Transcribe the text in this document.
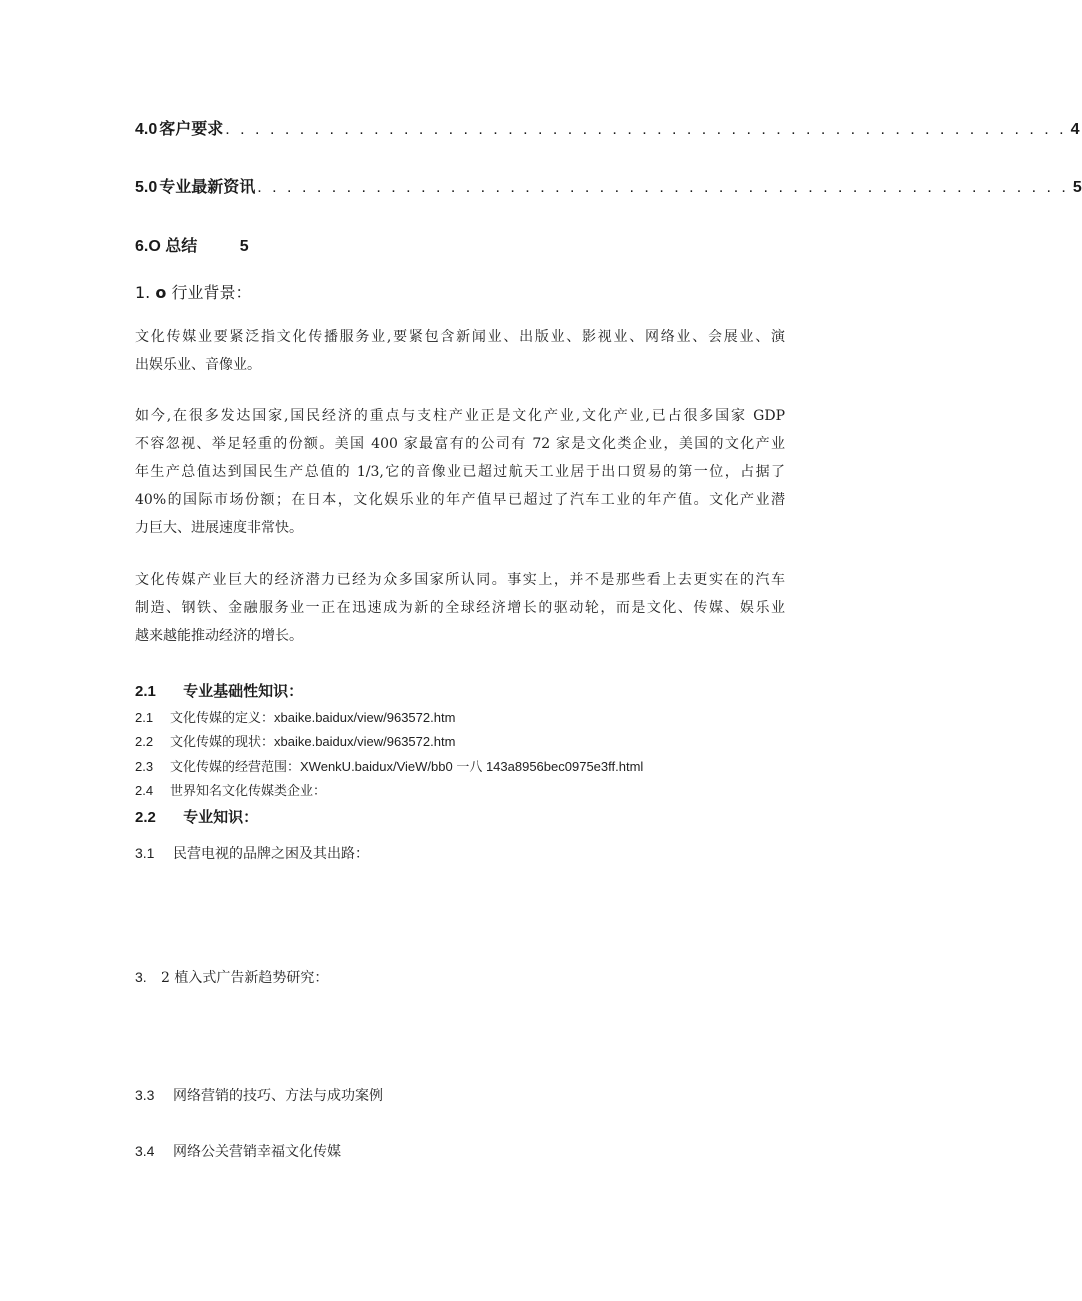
4.0 客户要求 . . . . . . . . . . . . . . . . . . . . . . . . . . . . . . . . . . . . . . . . . . . . . . . . . . . . . . . . . 4
5.0 专业最新资讯 . . . . . . . . . . . . . . . . . . . . . . . . . . . . . . . . . . . . . . . . . . . . . . . . . . . . . . . 5
6.O 总结	5
1. o 行业背景：
文化传媒业要紧泛指文化传播服务业,要紧包含新闻业、出版业、影视业、网络业、会展业、演
出娱乐业、音像业。
如今,在很多发达国家,国民经济的重点与支柱产业正是文化产业,文化产业,已占很多国家 GDP
不容忽视、举足轻重的份额。美国 400 家最富有的公司有 72 家是文化类企业，美国的文化产业
年生产总值达到国民生产总值的 1/3,它的音像业已超过航天工业居于出口贸易的第一位，占据了
40%的国际市场份额；在日本，文化娱乐业的年产值早已超过了汽车工业的年产值。文化产业潜
力巨大、进展速度非常快。
文化传媒产业巨大的经济潜力已经为众多国家所认同。事实上，并不是那些看上去更实在的汽车
制造、钢铁、金融服务业一正在迅速成为新的全球经济增长的驱动轮，而是文化、传媒、娱乐业
越来越能推动经济的增长。
2.1 专业基础性知识：
2.1 文化传媒的定义：xbaike.baidux/view/963572.htm
2.2 文化传媒的现状：xbaike.baidux/view/963572.htm
2.3 文化传媒的经营范围：XWenkU.baidux/VieW/bb0 一八 143a8956bec0975e3ff.html
2.4 世界知名文化传媒类企业：
2.2 专业知识：
3.1 民营电视的品牌之困及其出路：
3. 2 植入式广告新趋势研究：
3.3 网络营销的技巧、方法与成功案例
3.4 网络公关营销幸福文化传媒
